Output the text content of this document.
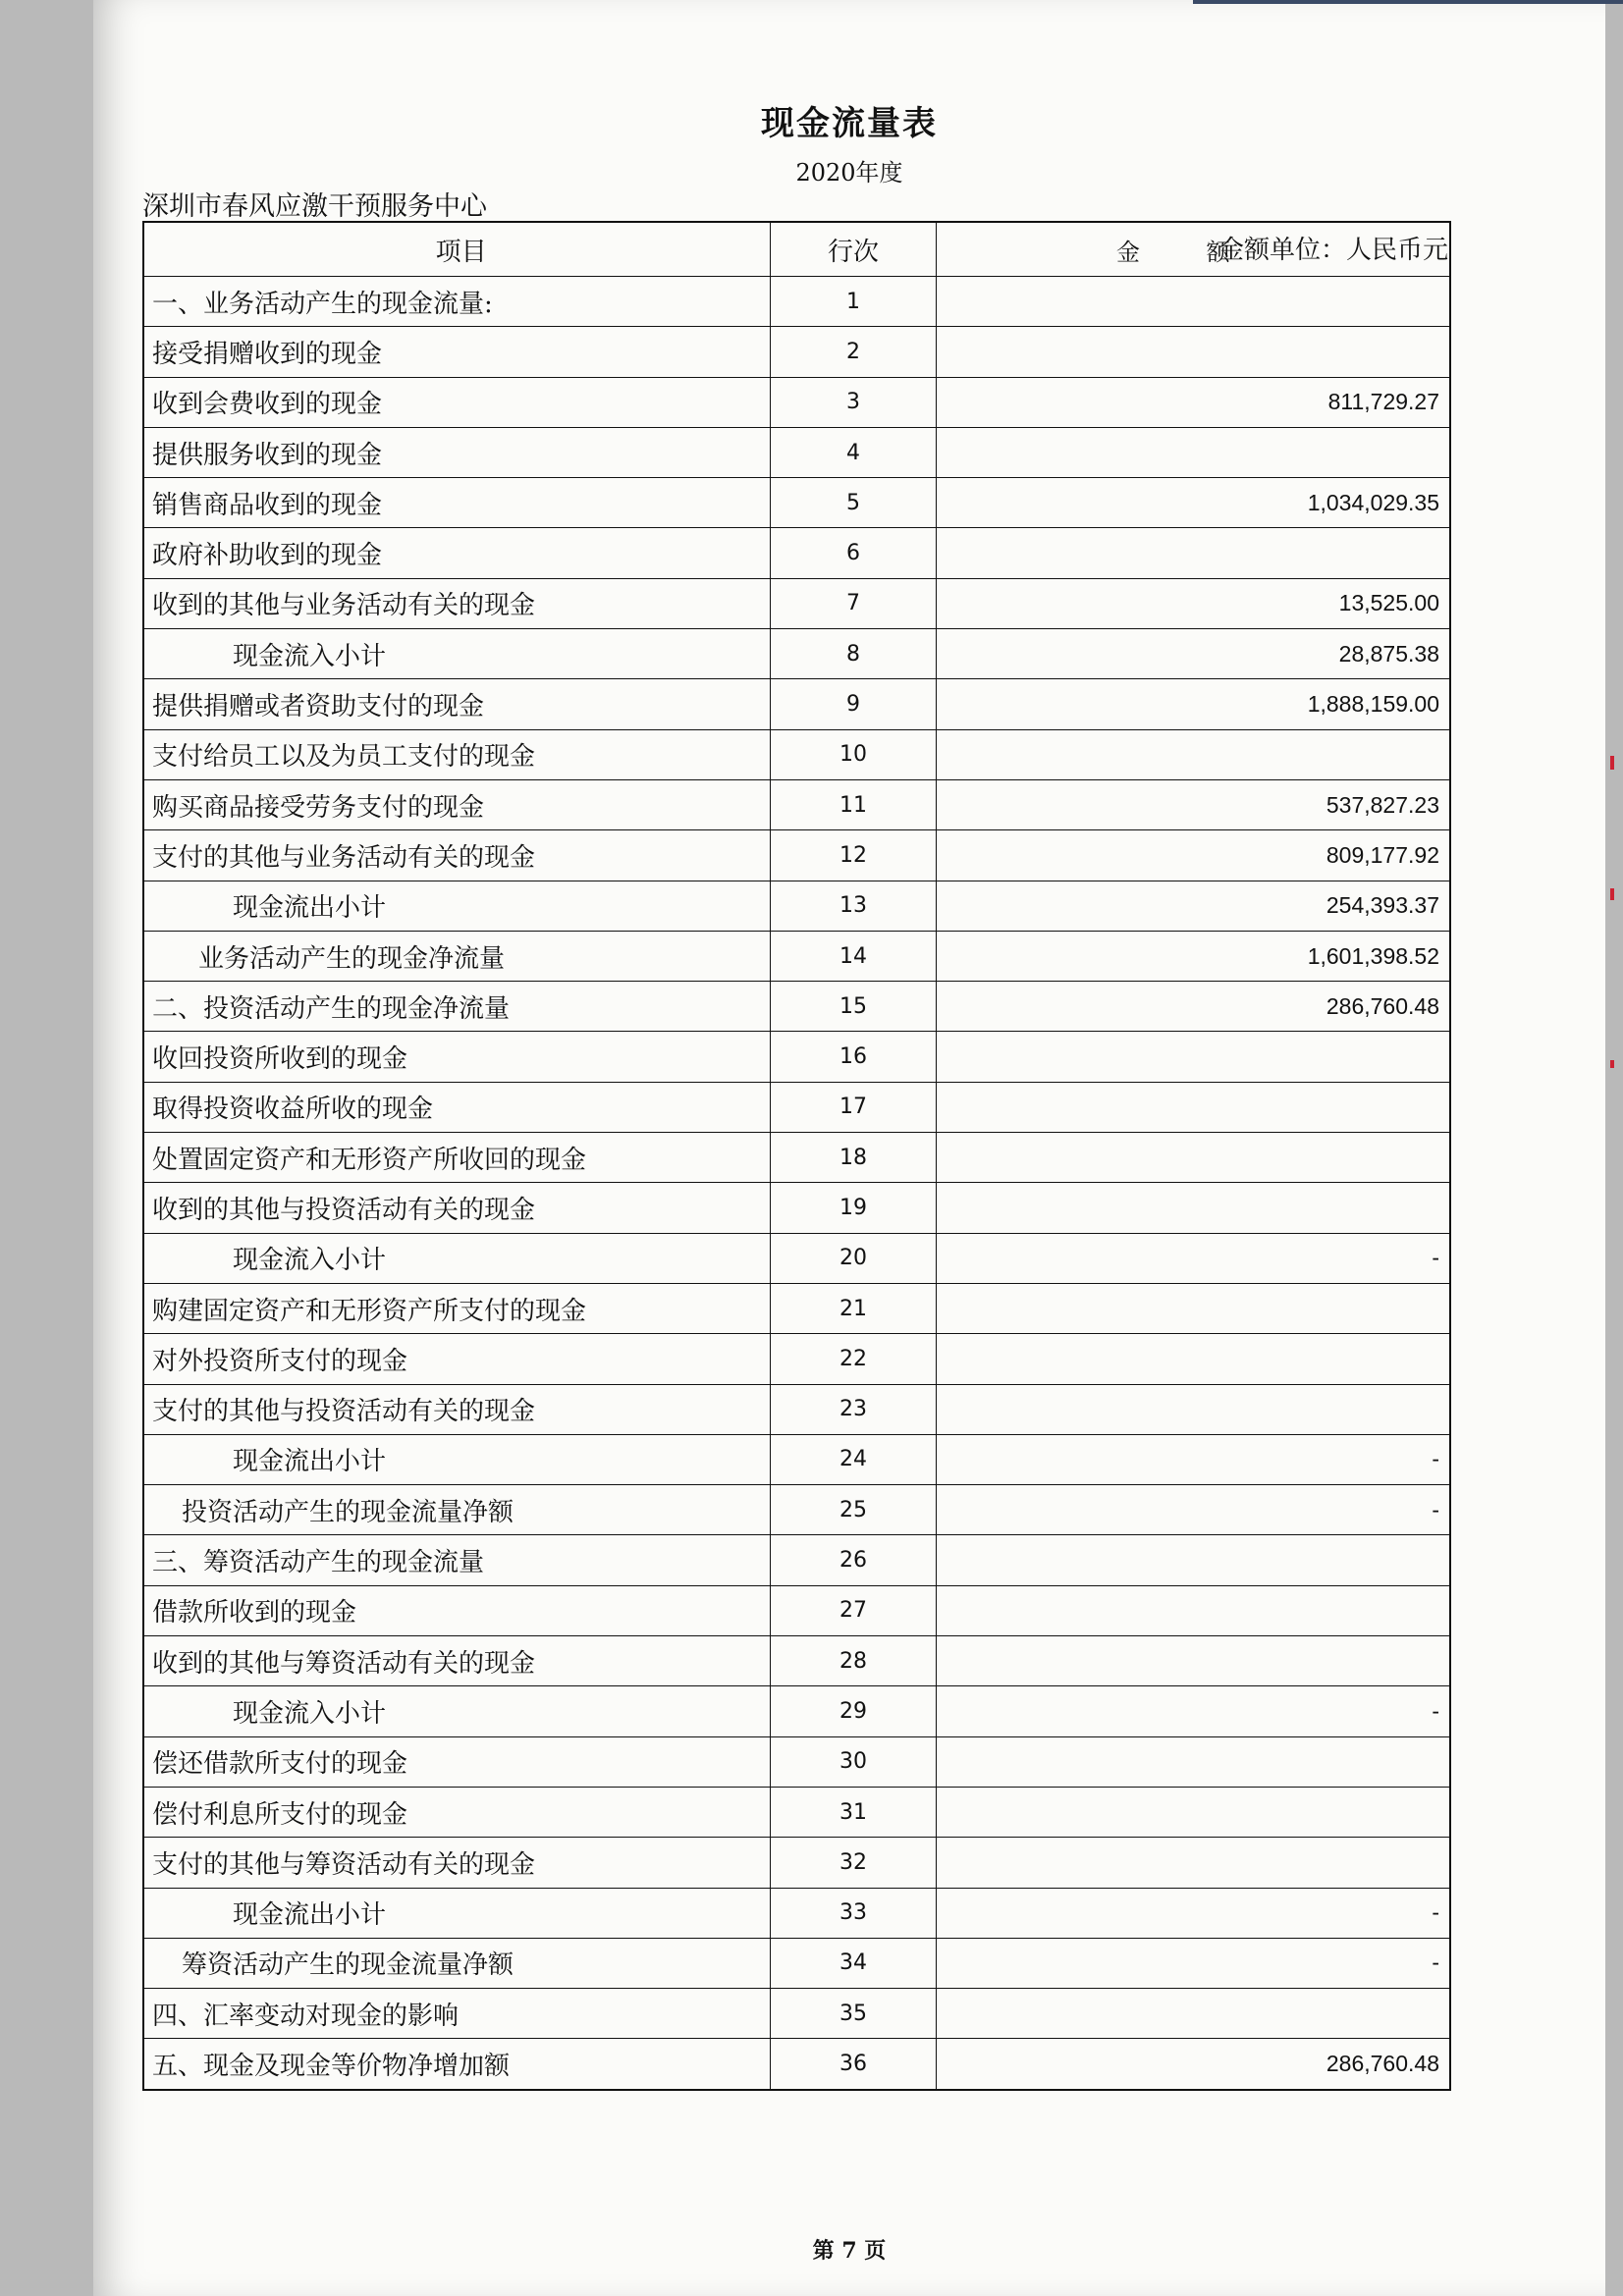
现金流量表
2020年度
深圳市春风应激干预服务中心
金额单位：人民币元
项目	行次	金 额
一、业务活动产生的现金流量:	1	
接受捐赠收到的现金	2	
收到会费收到的现金	3	811,729.27
提供服务收到的现金	4	
销售商品收到的现金	5	1,034,029.35
政府补助收到的现金	6	
收到的其他与业务活动有关的现金	7	13,525.00
现金流入小计	8	28,875.38
提供捐赠或者资助支付的现金	9	1,888,159.00
支付给员工以及为员工支付的现金	10	
购买商品接受劳务支付的现金	11	537,827.23
支付的其他与业务活动有关的现金	12	809,177.92
现金流出小计	13	254,393.37
业务活动产生的现金净流量	14	1,601,398.52
二、投资活动产生的现金净流量	15	286,760.48
收回投资所收到的现金	16	
取得投资收益所收的现金	17	
处置固定资产和无形资产所收回的现金	18	
收到的其他与投资活动有关的现金	19	
现金流入小计	20	-
购建固定资产和无形资产所支付的现金	21	
对外投资所支付的现金	22	
支付的其他与投资活动有关的现金	23	
现金流出小计	24	-
投资活动产生的现金流量净额	25	-
三、筹资活动产生的现金流量	26	
借款所收到的现金	27	
收到的其他与筹资活动有关的现金	28	
现金流入小计	29	-
偿还借款所支付的现金	30	
偿付利息所支付的现金	31	
支付的其他与筹资活动有关的现金	32	
现金流出小计	33	-
筹资活动产生的现金流量净额	34	-
四、汇率变动对现金的影响	35	
五、现金及现金等价物净增加额	36	286,760.48
第 7 页
